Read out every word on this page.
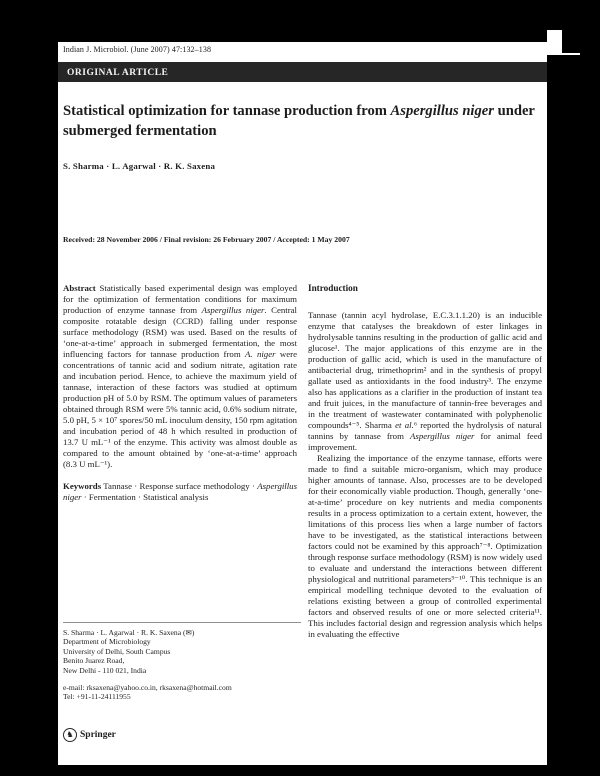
Indian J. Microbiol. (June 2007) 47:132–138
ORIGINAL ARTICLE
Statistical optimization for tannase production from Aspergillus niger under submerged fermentation
S. Sharma · L. Agarwal · R. K. Saxena
Received: 28 November 2006 / Final revision: 26 February 2007 / Accepted: 1 May 2007

Abstract Statistically based experimental design was employed for the optimization of fermentation conditions for maximum production of enzyme tannase from Aspergillus niger. Central composite rotatable design (CCRD) falling under response surface methodology (RSM) was used. Based on the results of ‘one-at-a-time’ approach in submerged fermentation, the most influencing factors for tannase production from A. niger were concentrations of tannic acid and sodium nitrate, agitation rate and incubation period. Hence, to achieve the maximum yield of tannase, interaction of these factors was studied at optimum production pH of 5.0 by RSM. The optimum values of parameters obtained through RSM were 5% tannic acid, 0.6% sodium nitrate, 5.0 pH, 5 × 10⁷ spores/50 mL inoculum density, 150 rpm agitation and incubation period of 48 h which resulted in production of 13.7 U mL⁻¹ of the enzyme. This activity was almost double as compared to the amount obtained by ‘one-at-a-time’ approach (8.3 U mL⁻¹).

Keywords Tannase · Response surface methodology · Aspergillus niger · Fermentation · Statistical analysis

Introduction

Tannase (tannin acyl hydrolase, E.C.3.1.1.20) is an inducible enzyme that catalyses the breakdown of ester linkages in hydrolysable tannins resulting in the production of gallic acid and glucose¹. The major applications of this enzyme are in the production of gallic acid, which is used in the manufacture of antibacterial drug, trimethoprim² and in the synthesis of propyl gallate used as antioxidants in the food industry³. The enzyme also has applications as a clarifier in the production of instant tea and fruit juices, in the manufacture of tannin-free beverages and in the treatment of wastewater contaminated with polyphenolic compounds⁴⁻⁵. Sharma et al.⁶ reported the hydrolysis of natural tannins by tannase from Aspergillus niger for animal feed improvement.

Realizing the importance of the enzyme tannase, efforts were made to find a suitable micro-organism, which may produce higher amounts of tannase. Also, processes are to be developed for their economically viable production. Though, generally ‘one-at-a-time’ procedure on key nutrients and media components results in a process optimization to a certain extent, however, the limitations of this process lies when a large number of factors have to be investigated, as the statistical interactions between factors could not be examined by this approach⁷⁻⁸. Optimization through response surface methodology (RSM) is now widely used to evaluate and understand the interactions between different physiological and nutritional parameters⁹⁻¹⁰. This technique is an empirical modelling technique devoted to the evaluation of relations existing between a group of controlled experimental factors and observed results of one or more selected criteria¹¹. This includes factorial design and regression analysis which helps in evaluating the effective

S. Sharma · L. Agarwal · R. K. Saxena (✉)
Department of Microbiology
University of Delhi, South Campus
Benito Juarez Road,
New Delhi - 110 021, India
e-mail: rksaxena@yahoo.co.in, rksaxena@hotmail.com
Tel: +91-11-24111955
♞ Springer
